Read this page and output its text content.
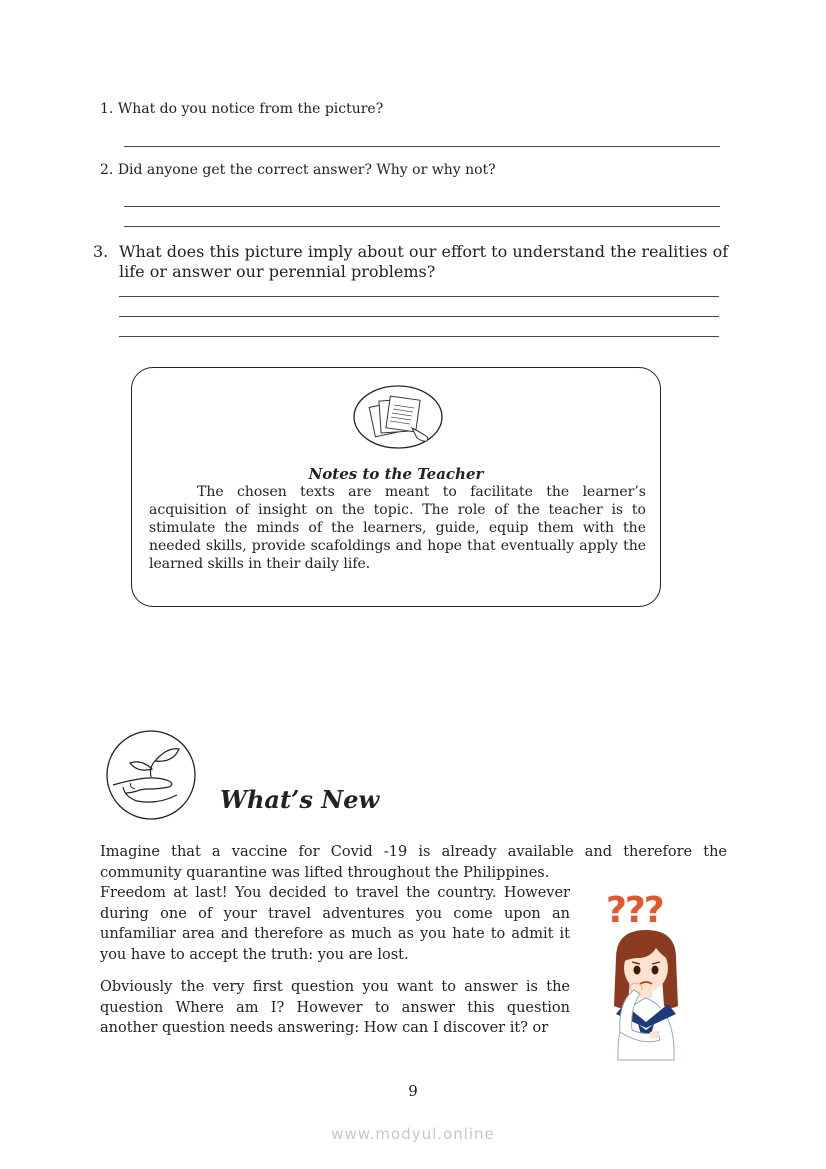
1. What do you notice from the picture?
2. Did anyone get the correct answer? Why or why not?
3. What does this picture imply about our effort to understand the realities of life or answer our perennial problems?
Notes to the Teacher
The chosen texts are meant to facilitate the learner’s acquisition of insight on the topic. The role of the teacher is to stimulate the minds of the learners, guide, equip them with the needed skills, provide scafoldings and hope that eventually apply the learned skills in their daily life.
What’s New
Imagine that a vaccine for Covid -19 is already available and therefore the community quarantine was lifted throughout the Philippines.
Freedom at last! You decided to travel the country. However during one of your travel adventures you come upon an unfamiliar area and therefore as much as you hate to admit it you have to accept the truth: you are lost.
Obviously the very first question you want to answer is the question Where am I? However to answer this question another question needs answering: How can I discover it? or
???
9
www.modyul.online
